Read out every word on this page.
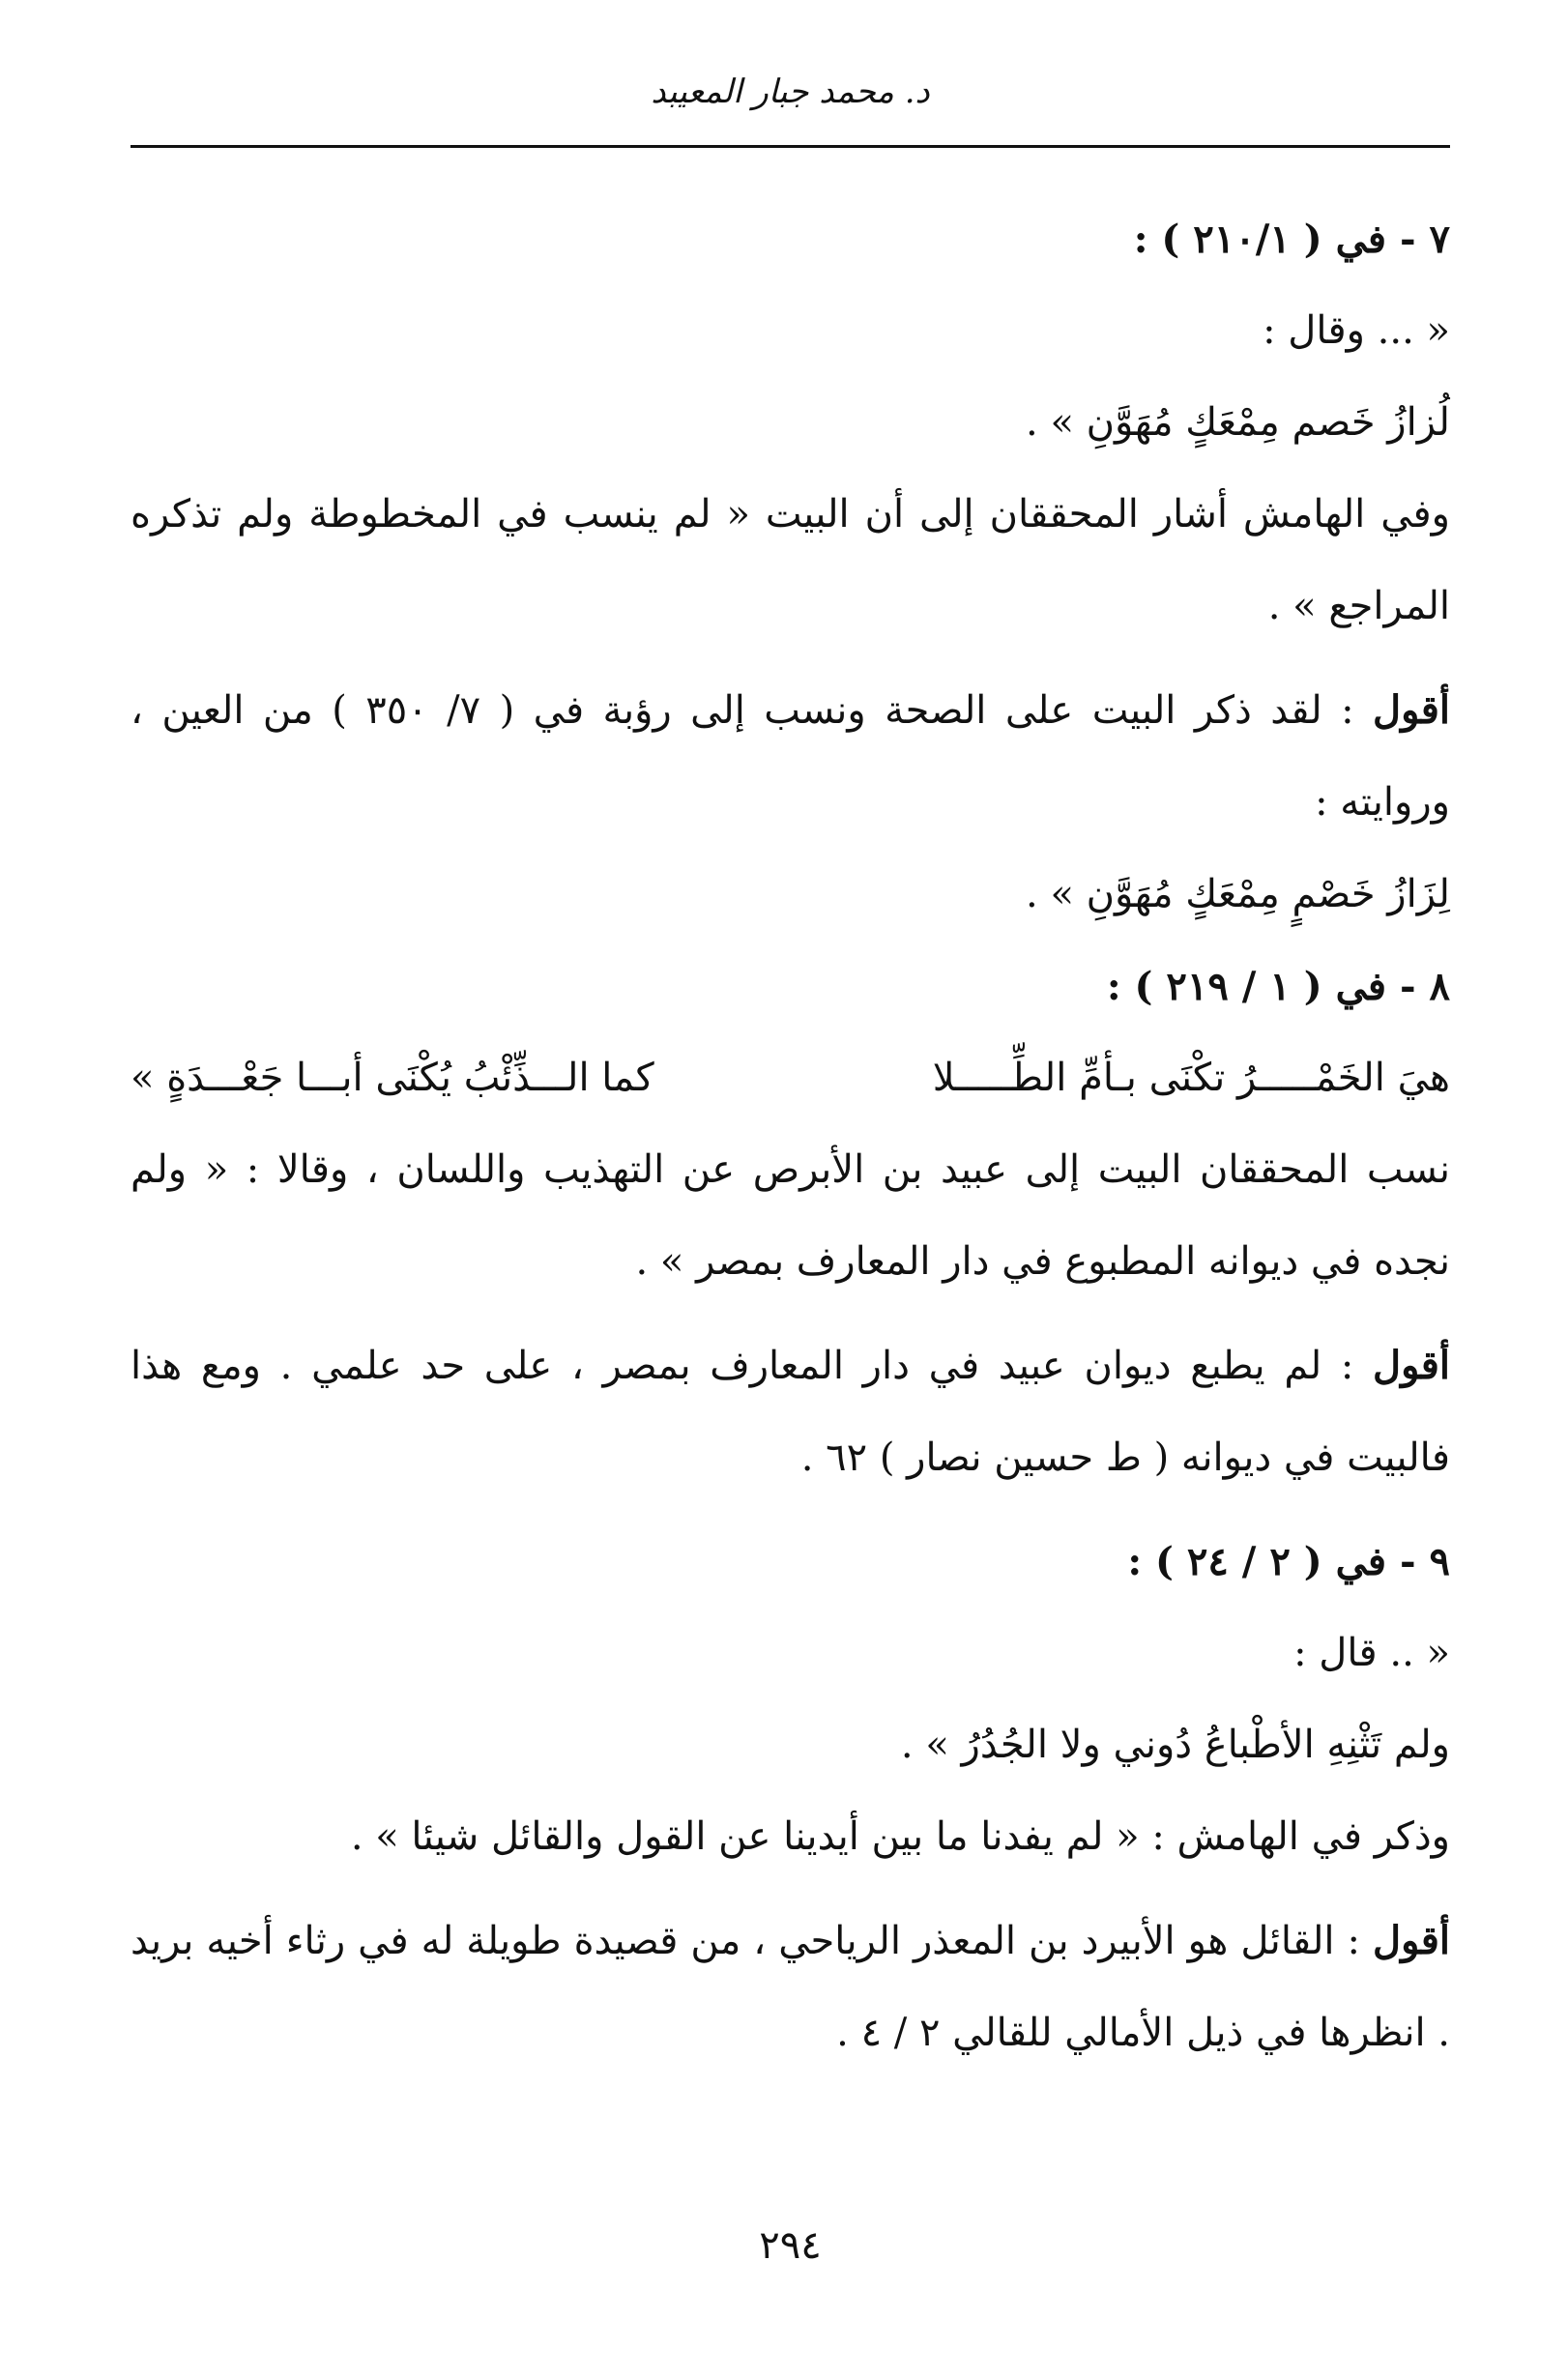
د. محمد جبار المعيبد

٧ - في ( ٢١٠/١ ) :

« ... وقال :

لُزازُ خَصم مِمْعَكٍ مُهَوَّنِ » .

وفي الهامش أشار المحققان إلى أن البيت « لم ينسب في المخطوطة ولم تذكره المراجع » .

أقول : لقد ذكر البيت على الصحة ونسب إلى رؤبة في ( ٧/ ٣٥٠ ) من العين ، وروايته :

لِزَازُ خَصْمٍ مِمْعَكٍ مُهَوَّنِ » .

٨ - في ( ١ / ٢١٩ ) :

هيَ الخَمْـــــرُ تكْنَى بـأمِّ الطِّـــــلا
كما الـــذِّئْبُ يُكْنَى أبـــا جَعْـــدَةٍ »

نسب المحققان البيت إلى عبيد بن الأبرص عن التهذيب واللسان ، وقالا : « ولم نجده في ديوانه المطبوع في دار المعارف بمصر » .

أقول : لم يطبع ديوان عبيد في دار المعارف بمصر ، على حد علمي . ومع هذا فالبيت في ديوانه ( ط حسين نصار ) ٦٢ .

٩ - في ( ٢ / ٢٤ ) :

« .. قال :

ولم تَثْنِهِ الأطْباعُ دُوني ولا الجُدُرُ » .

وذكر في الهامش : « لم يفدنا ما بين أيدينا عن القول والقائل شيئا » .

أقول : القائل هو الأبيرد بن المعذر الرياحي ، من قصيدة طويلة له في رثاء أخيه بريد . انظرها في ذيل الأمالي للقالي ٢ / ٤ .

٢٩٤
